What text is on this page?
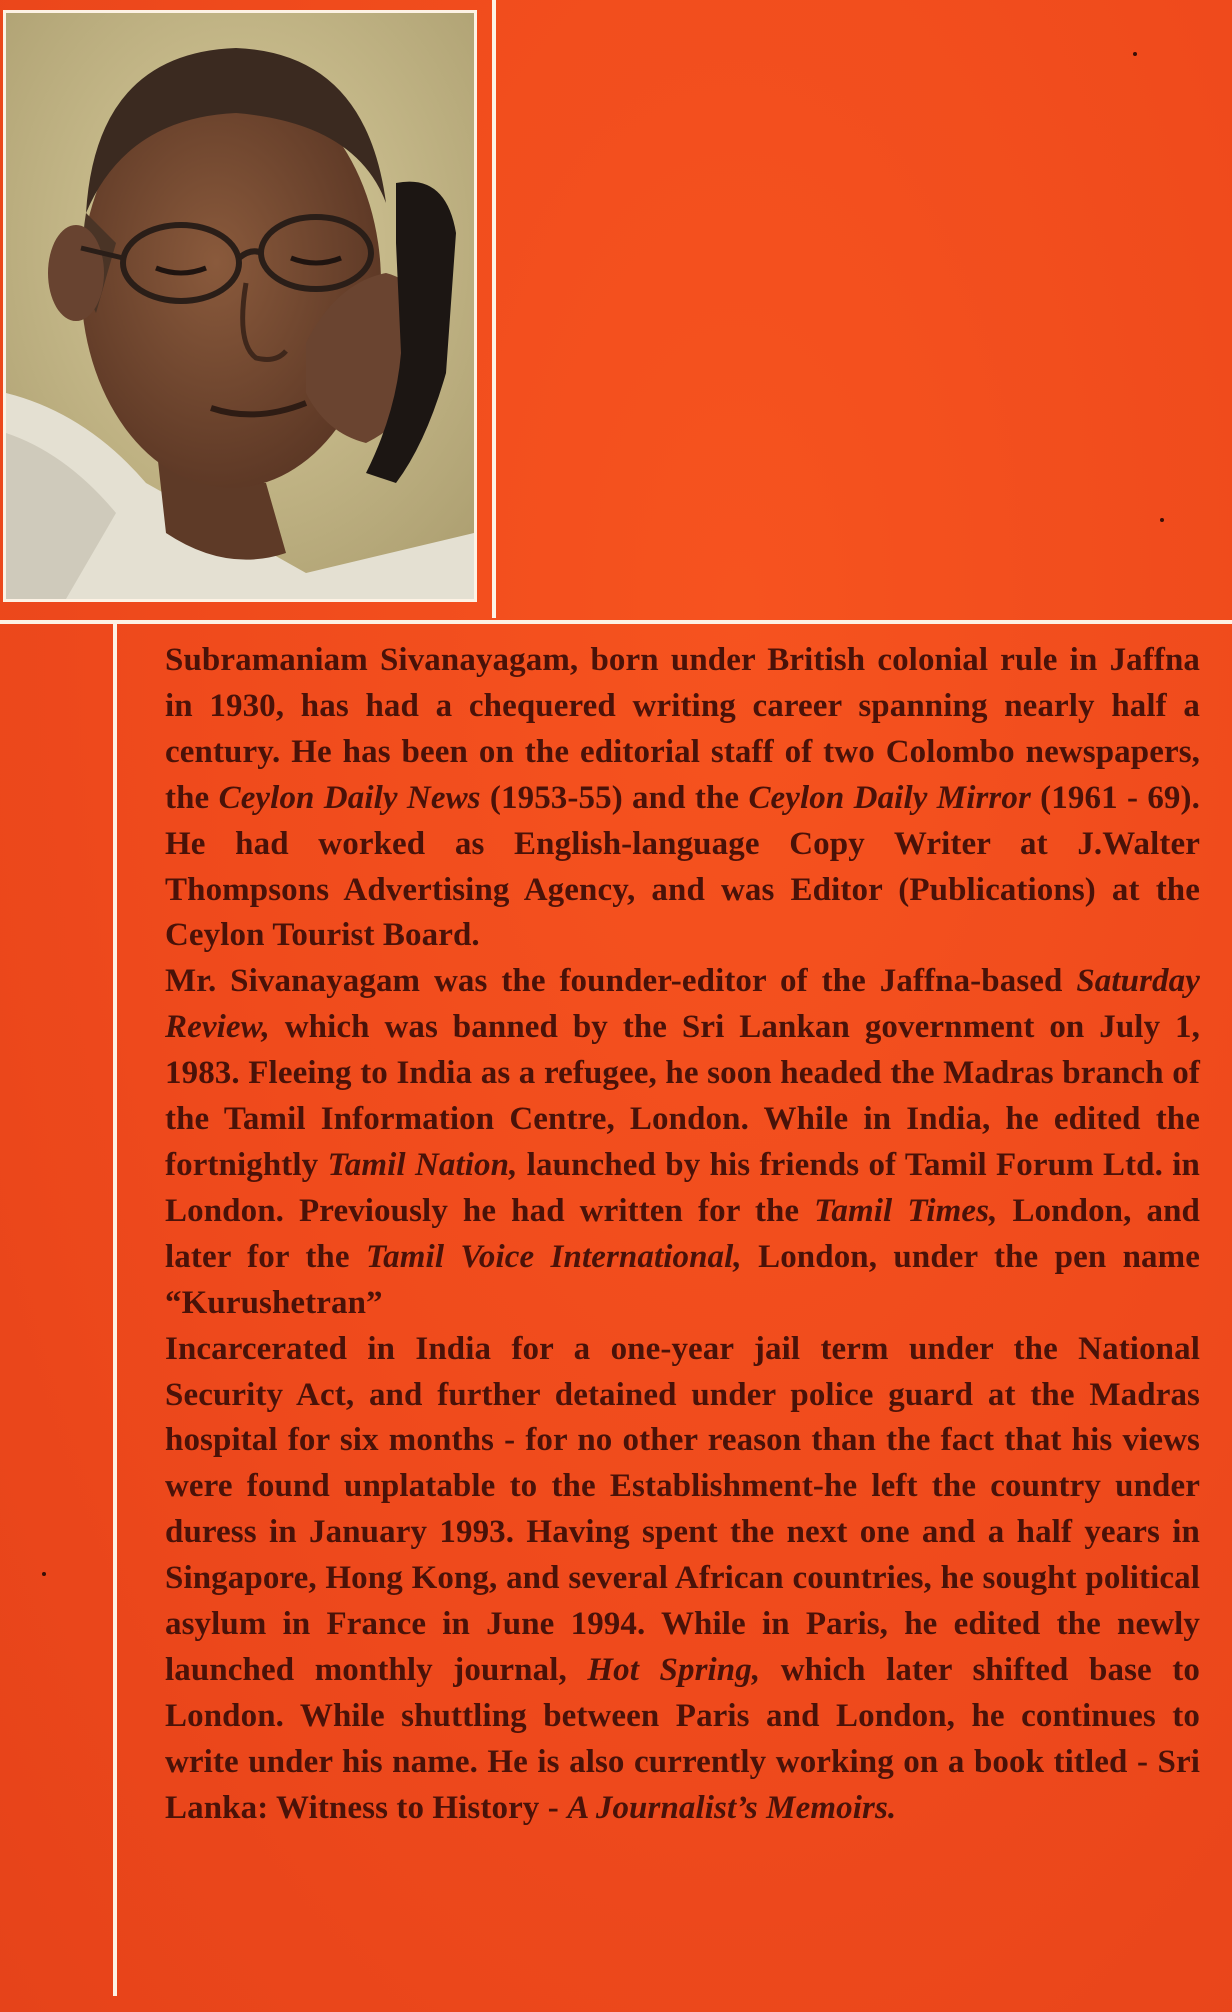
Subramaniam Sivanayagam, born under British colonial rule in Jaffna in 1930, has had a chequered writing career spanning nearly half a century. He has been on the editorial staff of two Colombo newspapers, the Ceylon Daily News (1953-55) and the Ceylon Daily Mirror (1961 - 69). He had worked as English-language Copy Writer at J.Walter Thompsons Advertising Agency, and was Editor (Publications) at the Ceylon Tourist Board.

Mr. Sivanayagam was the founder-editor of the Jaffna-based Saturday Review, which was banned by the Sri Lankan government on July 1, 1983. Fleeing to India as a refugee, he soon headed the Madras branch of the Tamil Information Centre, London. While in India, he edited the fortnightly Tamil Nation, launched by his friends of Tamil Forum Ltd. in London. Previously he had written for the Tamil Times, London, and later for the Tamil Voice International, London, under the pen name “Kurushetran”

Incarcerated in India for a one-year jail term under the National Security Act, and further detained under police guard at the Madras hospital for six months - for no other reason than the fact that his views were found unplatable to the Establishment-he left the country under duress in January 1993. Having spent the next one and a half years in Singapore, Hong Kong, and several African countries, he sought political asylum in France in June 1994. While in Paris, he edited the newly launched monthly journal, Hot Spring, which later shifted base to London. While shuttling between Paris and London, he continues to write under his name. He is also currently working on a book titled - Sri Lanka: Witness to History - A Journalist’s Memoirs.
